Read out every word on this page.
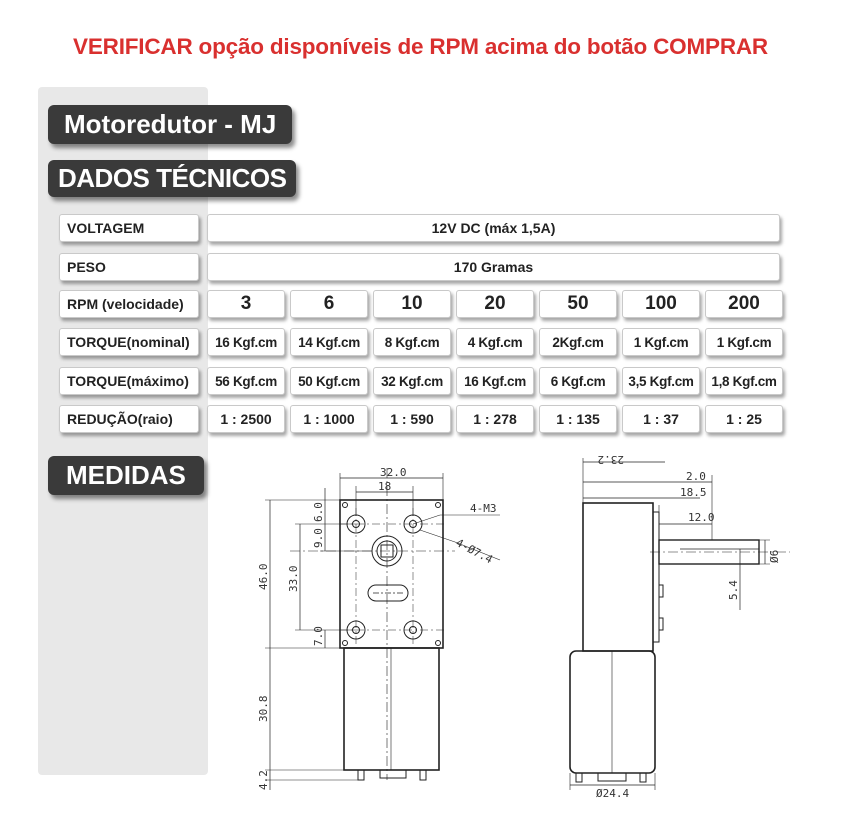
VERIFICAR opção disponíveis de RPM acima do botão COMPRAR
Motoredutor - MJ
DADOS TÉCNICOS
VOLTAGEM	12V DC (máx 1,5A)
PESO	170 Gramas
RPM (velocidade)	3	6	10	20	50	100	200
TORQUE(nominal)	16 Kgf.cm	14 Kgf.cm	8 Kgf.cm	4 Kgf.cm	2Kgf.cm	1 Kgf.cm	1 Kgf.cm
TORQUE(máximo)	56 Kgf.cm	50 Kgf.cm	32 Kgf.cm	16 Kgf.cm	6 Kgf.cm	3,5 Kgf.cm	1,8 Kgf.cm
REDUÇÃO(raio)	1 : 2500	1 : 1000	1 : 590	1 : 278	1 : 135	1 : 37	1 : 25
MEDIDAS	32.0
18
4-M3
4-Ø7.4
6.0
9.0
33.0
7.0
46.0
30.8
4.2
23.2
2.0
18.5
12.0
Ø6
5.4
Ø24.4
